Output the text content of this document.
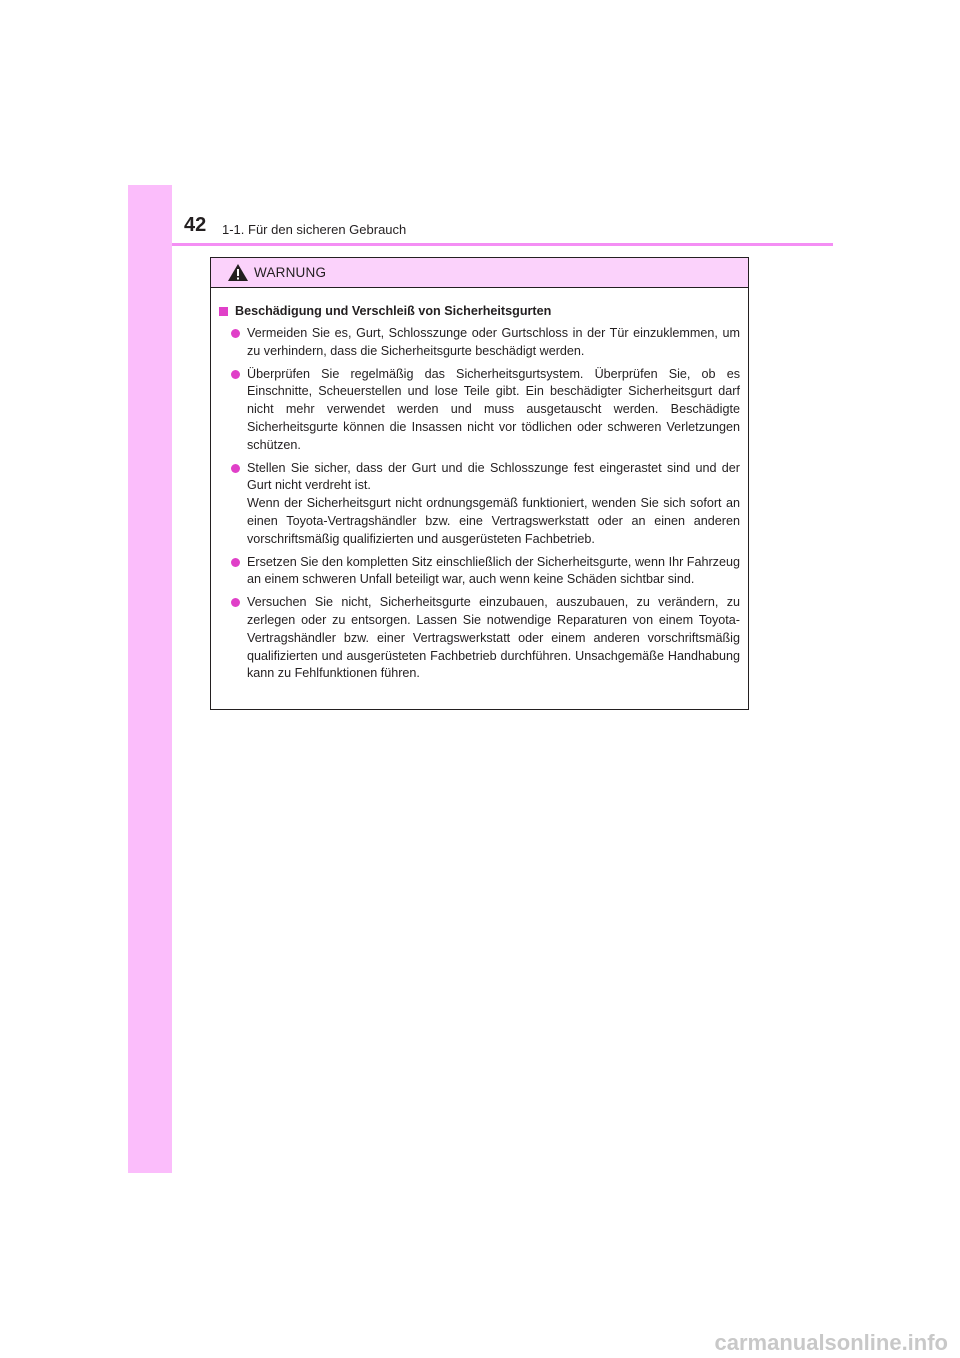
42 1-1. Für den sicheren Gebrauch
WARNUNG
Beschädigung und Verschleiß von Sicherheitsgurten

Vermeiden Sie es, Gurt, Schlosszunge oder Gurtschloss in der Tür einzuklemmen, um zu verhindern, dass die Sicherheitsgurte beschädigt werden.

Überprüfen Sie regelmäßig das Sicherheitsgurtsystem. Überprüfen Sie, ob es Einschnitte, Scheuerstellen und lose Teile gibt. Ein beschädigter Sicherheitsgurt darf nicht mehr verwendet werden und muss ausgetauscht werden. Beschädigte Sicherheitsgurte können die Insassen nicht vor tödlichen oder schweren Verletzungen schützen.

Stellen Sie sicher, dass der Gurt und die Schlosszunge fest eingerastet sind und der Gurt nicht verdreht ist.

Wenn der Sicherheitsgurt nicht ordnungsgemäß funktioniert, wenden Sie sich sofort an einen Toyota-Vertragshändler bzw. eine Vertragswerkstatt oder an einen anderen vorschriftsmäßig qualifizierten und ausgerüsteten Fachbetrieb.

Ersetzen Sie den kompletten Sitz einschließlich der Sicherheitsgurte, wenn Ihr Fahrzeug an einem schweren Unfall beteiligt war, auch wenn keine Schäden sichtbar sind.

Versuchen Sie nicht, Sicherheitsgurte einzubauen, auszubauen, zu verändern, zu zerlegen oder zu entsorgen. Lassen Sie notwendige Reparaturen von einem Toyota-Vertragshändler bzw. einer Vertragswerkstatt oder einem anderen vorschriftsmäßig qualifizierten und ausgerüsteten Fachbetrieb durchführen. Unsachgemäße Handhabung kann zu Fehlfunktionen führen.

carmanualsonline.info
